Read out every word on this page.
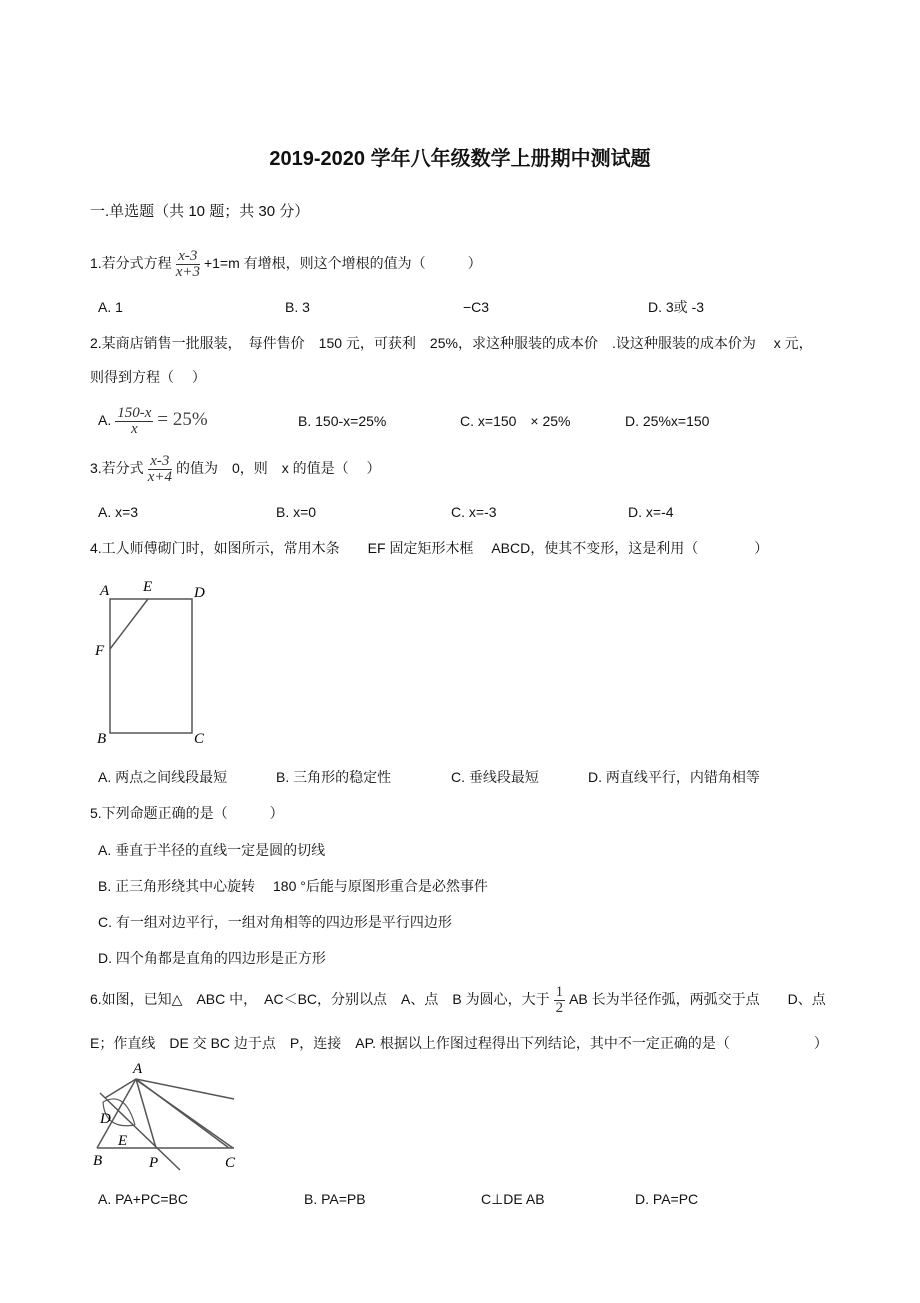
2019-2020 学年八年级数学上册期中测试题
一.单选题（共 10 题；共 30 分）
1.若分式方程 $\frac{x-3}{x+3} +1=m$ 有增根，则这个增根的值为（　　　）
A. 1	B. 3	−C3	D. 3或 -3
2.某商店销售一批服装，　每件售价　150 元，可获利　25%，求这种服装的成本价　.设这种服装的成本价为　 x 元，
则得到方程（　 ）
A. $\frac{150-x}{x} = 25\%$	B. 150-x=25%	C. x=150　× 25%	D. 25%x=150
3.若分式 $\frac{x-3}{x+4}$ 的值为　0，则　x 的值是（　 ）
A. x=3	B. x=0	C. x=-3	D. x=-4
4.工人师傅砌门时，如图所示，常用木条　　EF 固定矩形木框　 ABCD，使其不变形，这是利用（　　　　）
A E	D
F
B	C
A. 两点之间线段最短	B. 三角形的稳定性	C. 垂线段最短	D. 两直线平行，内错角相等
5.下列命题正确的是（　　　）
A. 垂直于半径的直线一定是圆的切线
B. 正三角形绕其中心旋转　 180 °后能与原图形重合是必然事件
C. 有一组对边平行，一组对角相等的四边形是平行四边形
D. 四个角都是直角的四边形是正方形
6.如图，已知△　ABC 中，　AC＜BC，分别以点　A、点　B 为圆心，大于 $\frac{1}{2}$ AB 长为半径作弧，两弧交于点　　D、点
E；作直线　DE 交 BC 边于点　P，连接　AP. 根据以上作图过程得出下列结论，其中不一定正确的是（　　　　　　）
A
D
E
B	P	C
A. PA+PC=BC	B. PA=PB	C⊥DE AB	D. PA=PC
